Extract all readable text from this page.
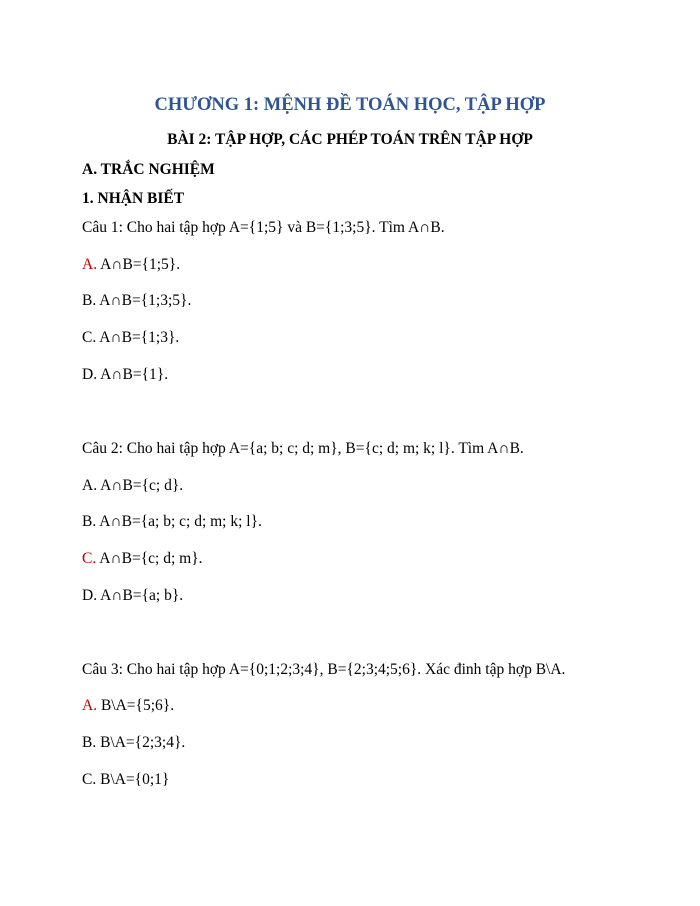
CHƯƠNG 1: MỆNH ĐỀ TOÁN HỌC, TẬP HỢP
BÀI 2: TẬP HỢP, CÁC PHÉP TOÁN TRÊN TẬP HỢP
A. TRẮC NGHIỆM
1. NHẬN BIẾT
Câu 1: Cho hai tập hợp A={1;5} và B={1;3;5}. Tìm A∩B.
A. A∩B={1;5}.
B. A∩B={1;3;5}.
C. A∩B={1;3}.
D. A∩B={1}.
Câu 2: Cho hai tập hợp A={a; b; c; d; m}, B={c; d; m; k; l}. Tìm A∩B.
A. A∩B={c; d}.
B. A∩B={a; b; c; d; m; k; l}.
C. A∩B={c; d; m}.
D. A∩B={a; b}.
Câu 3: Cho hai tập hợp A={0;1;2;3;4}, B={2;3;4;5;6}. Xác đinh tập hợp B\A.
A. B\A={5;6}.
B. B\A={2;3;4}.
C. B\A={0;1}
